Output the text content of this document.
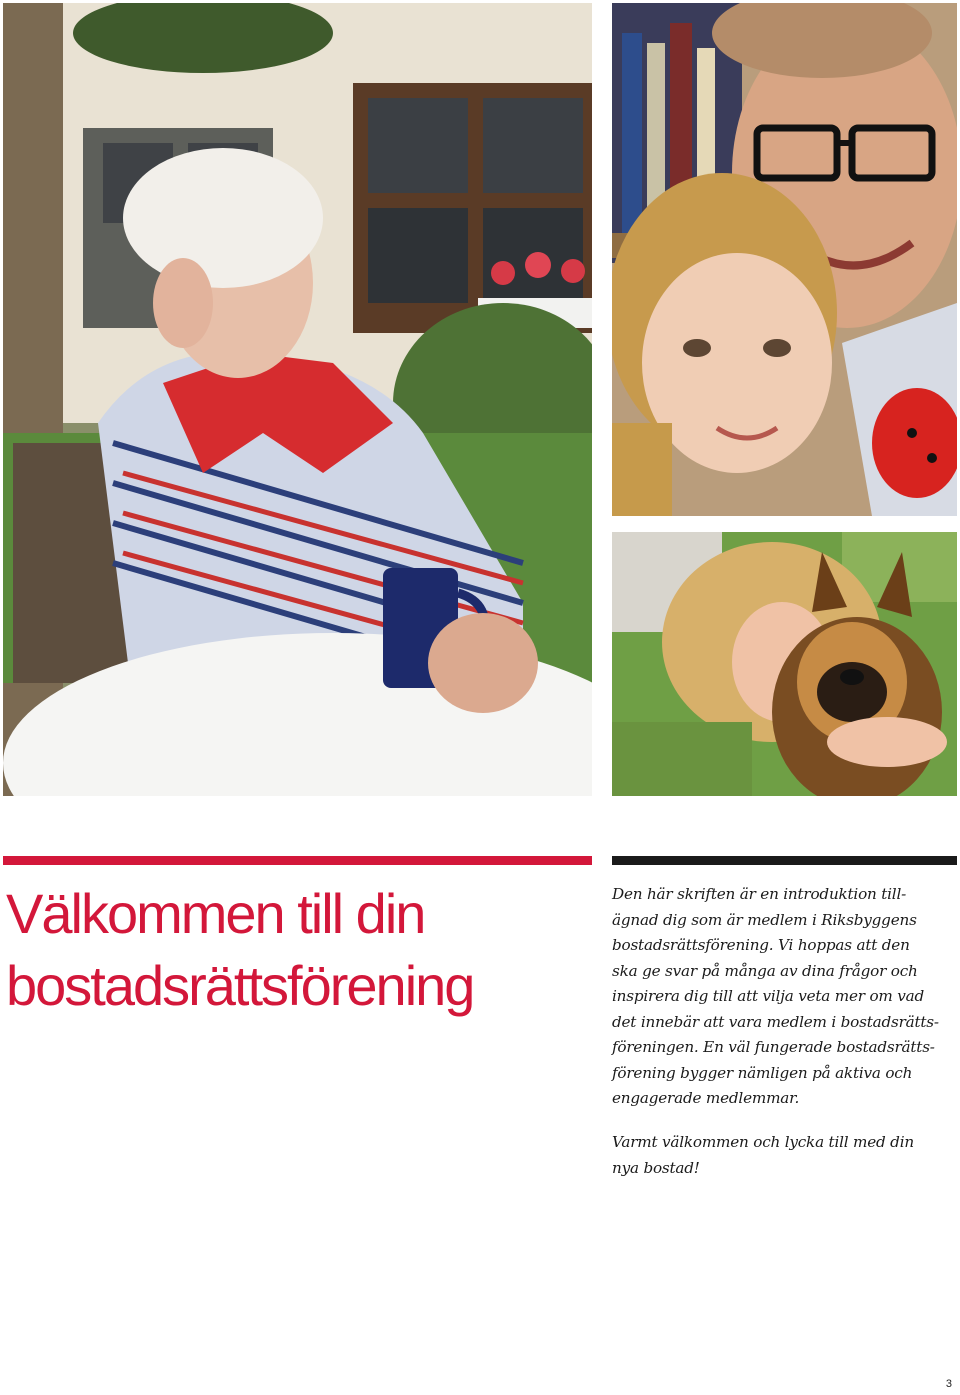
Välkommen till din
bostadsrättsförening

Den här skriften är en introduktion till-
ägnad dig som är medlem i Riksbyggens
bostadsrättsförening. Vi hoppas att den
ska ge svar på många av dina frågor och
inspirera dig till att vilja veta mer om vad
det innebär att vara medlem i bostadsrätts-
föreningen. En väl fungerade bostadsrätts-
förening bygger nämligen på aktiva och
engagerade medlemmar.

Varmt välkommen och lycka till med din
nya bostad!

3
